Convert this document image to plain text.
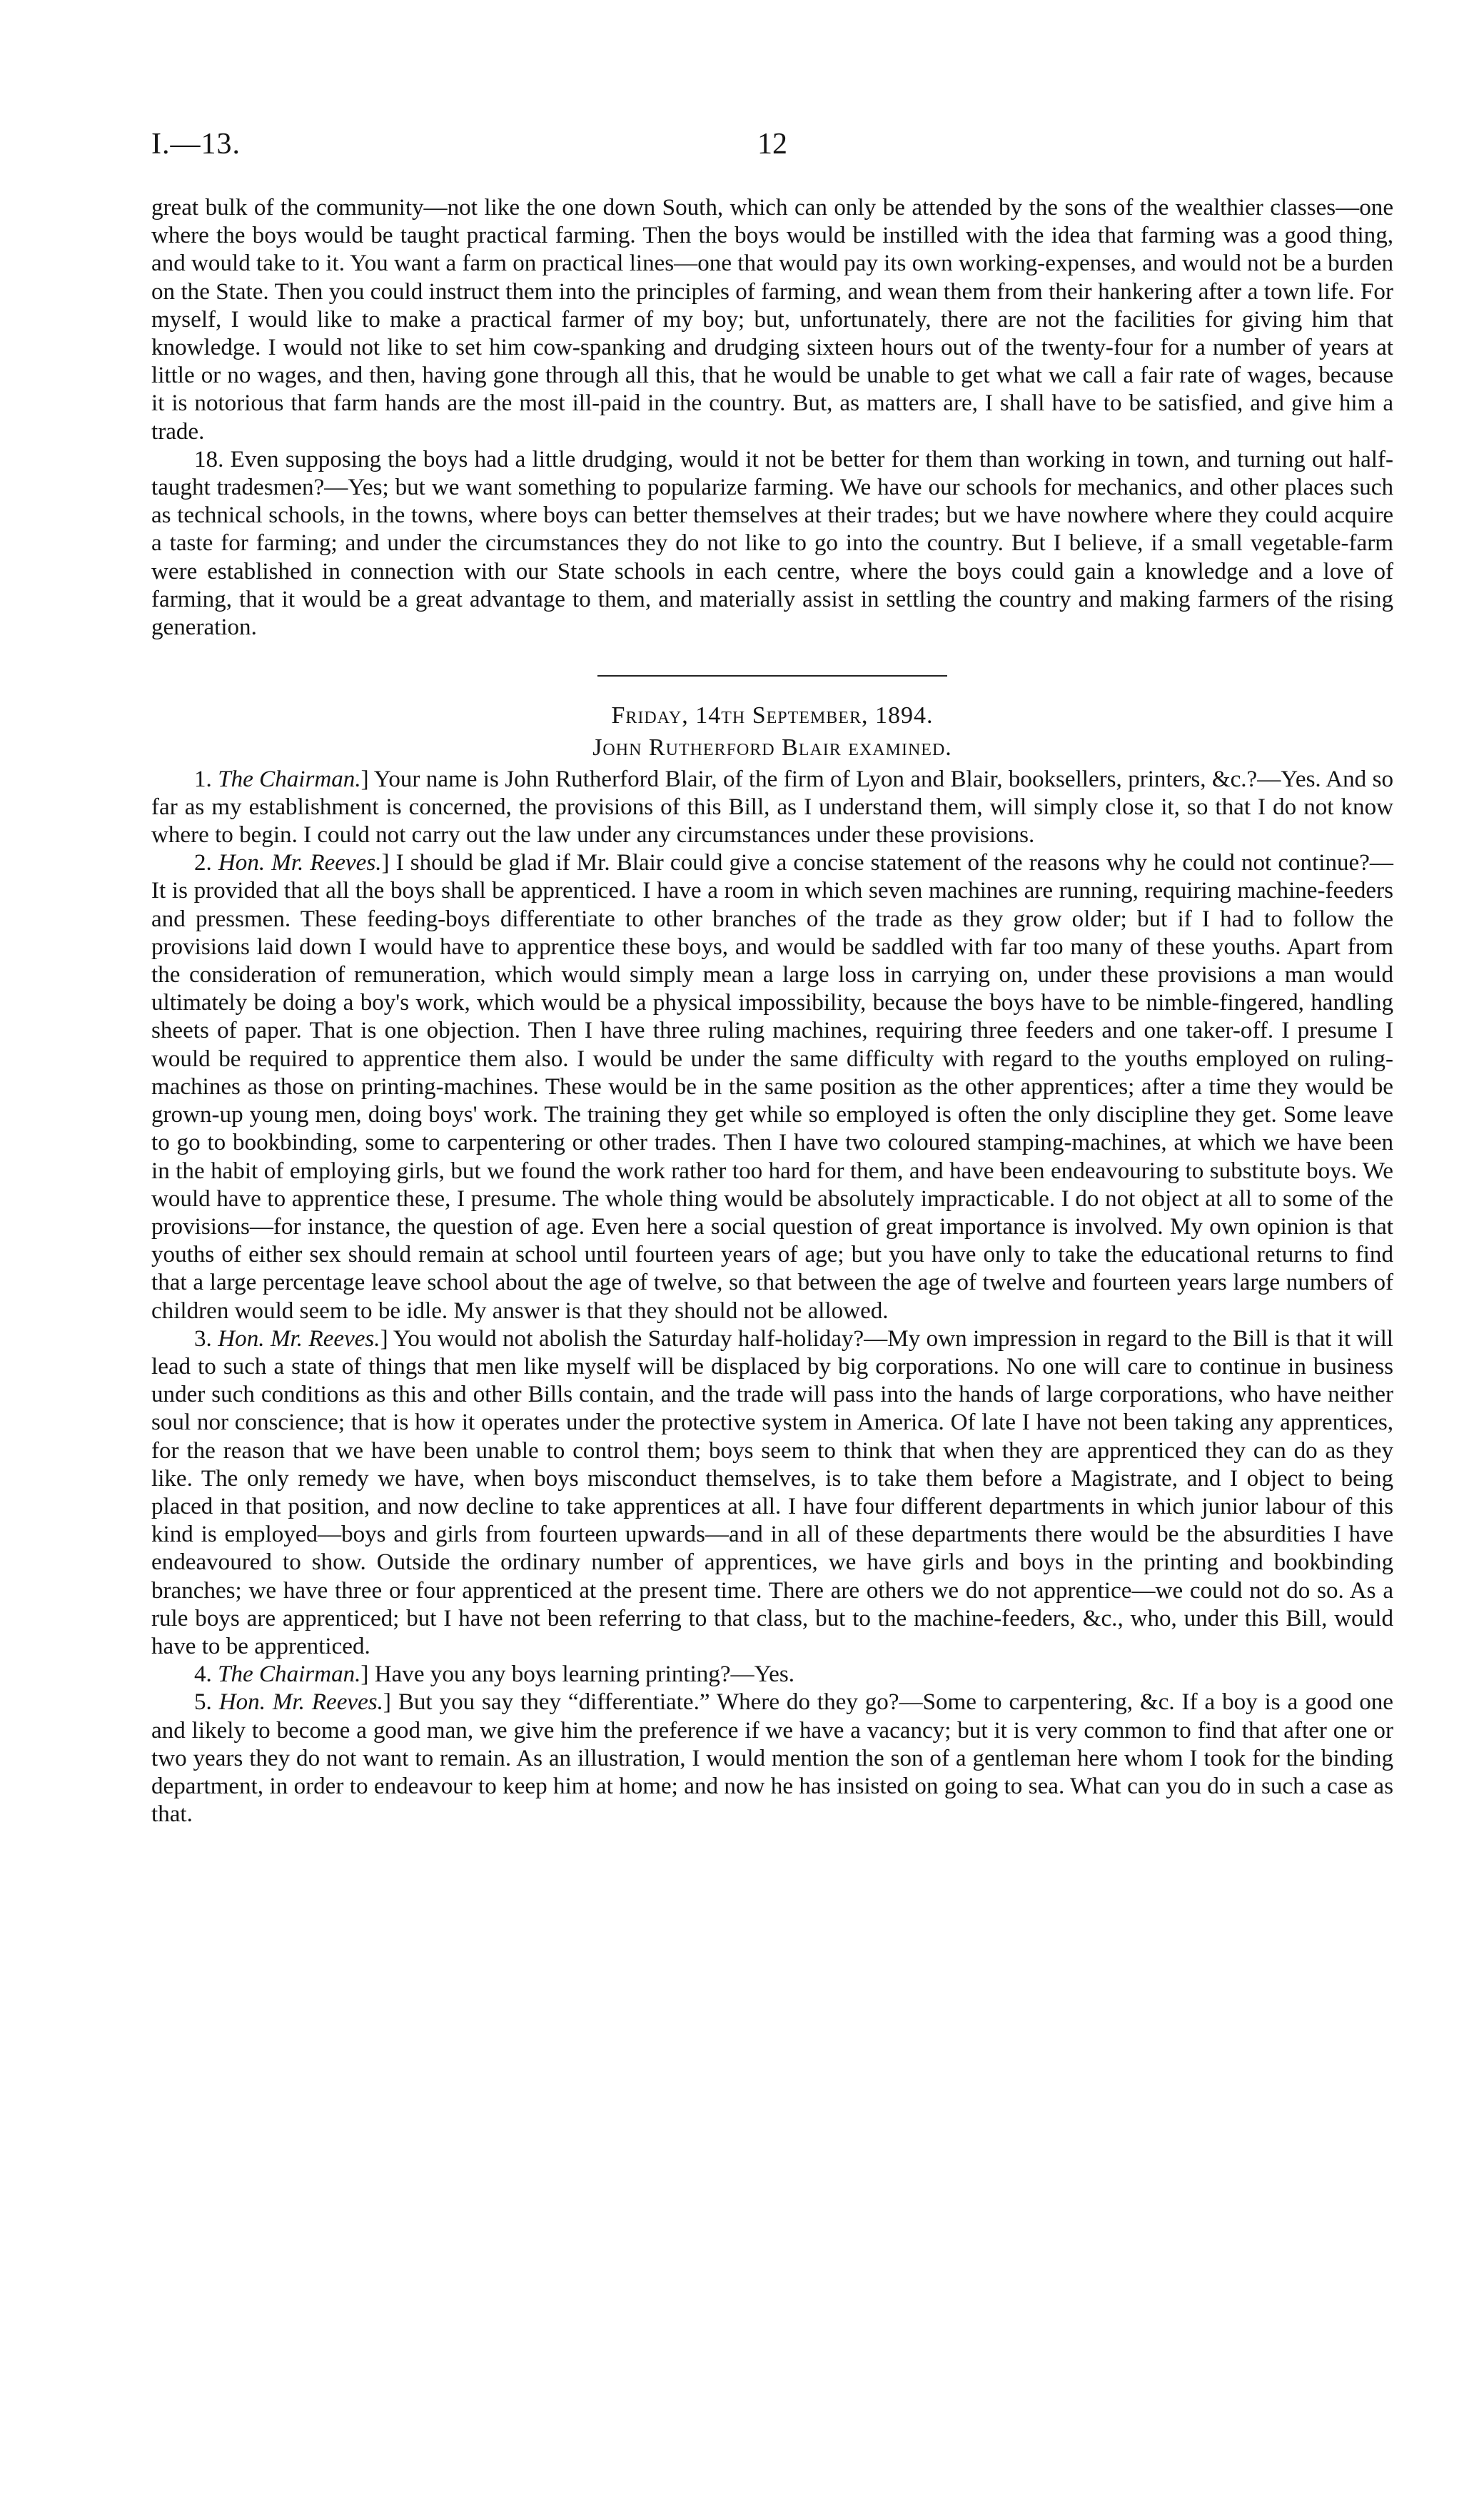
I.—13.	12

great bulk of the community—not like the one down South, which can only be attended by the sons of the wealthier classes—one where the boys would be taught practical farming. Then the boys would be instilled with the idea that farming was a good thing, and would take to it. You want a farm on practical lines—one that would pay its own working-expenses, and would not be a burden on the State. Then you could instruct them into the principles of farming, and wean them from their hankering after a town life. For myself, I would like to make a practical farmer of my boy; but, unfortunately, there are not the facilities for giving him that knowledge. I would not like to set him cow-spanking and drudging sixteen hours out of the twenty-four for a number of years at little or no wages, and then, having gone through all this, that he would be unable to get what we call a fair rate of wages, because it is notorious that farm hands are the most ill-paid in the country. But, as matters are, I shall have to be satisfied, and give him a trade.

18. Even supposing the boys had a little drudging, would it not be better for them than working in town, and turning out half-taught tradesmen?—Yes; but we want something to popularize farming. We have our schools for mechanics, and other places such as technical schools, in the towns, where boys can better themselves at their trades; but we have nowhere where they could acquire a taste for farming; and under the circumstances they do not like to go into the country. But I believe, if a small vegetable-farm were established in connection with our State schools in each centre, where the boys could gain a knowledge and a love of farming, that it would be a great advantage to them, and materially assist in settling the country and making farmers of the rising generation.

Friday, 14th September, 1894.
John Rutherford Blair examined.

1. The Chairman.] Your name is John Rutherford Blair, of the firm of Lyon and Blair, booksellers, printers, &c.?—Yes. And so far as my establishment is concerned, the provisions of this Bill, as I understand them, will simply close it, so that I do not know where to begin. I could not carry out the law under any circumstances under these provisions.

2. Hon. Mr. Reeves.] I should be glad if Mr. Blair could give a concise statement of the reasons why he could not continue?—It is provided that all the boys shall be apprenticed. I have a room in which seven machines are running, requiring machine-feeders and pressmen. These feeding-boys differentiate to other branches of the trade as they grow older; but if I had to follow the provisions laid down I would have to apprentice these boys, and would be saddled with far too many of these youths. Apart from the consideration of remuneration, which would simply mean a large loss in carrying on, under these provisions a man would ultimately be doing a boy's work, which would be a physical impossibility, because the boys have to be nimble-fingered, handling sheets of paper. That is one objection. Then I have three ruling machines, requiring three feeders and one taker-off. I presume I would be required to apprentice them also. I would be under the same difficulty with regard to the youths employed on ruling-machines as those on printing-machines. These would be in the same position as the other apprentices; after a time they would be grown-up young men, doing boys' work. The training they get while so employed is often the only discipline they get. Some leave to go to bookbinding, some to carpentering or other trades. Then I have two coloured stamping-machines, at which we have been in the habit of employing girls, but we found the work rather too hard for them, and have been endeavouring to substitute boys. We would have to apprentice these, I presume. The whole thing would be absolutely impracticable. I do not object at all to some of the provisions—for instance, the question of age. Even here a social question of great importance is involved. My own opinion is that youths of either sex should remain at school until fourteen years of age; but you have only to take the educational returns to find that a large percentage leave school about the age of twelve, so that between the age of twelve and fourteen years large numbers of children would seem to be idle. My answer is that they should not be allowed.

3. Hon. Mr. Reeves.] You would not abolish the Saturday half-holiday?—My own impression in regard to the Bill is that it will lead to such a state of things that men like myself will be displaced by big corporations. No one will care to continue in business under such conditions as this and other Bills contain, and the trade will pass into the hands of large corporations, who have neither soul nor conscience; that is how it operates under the protective system in America. Of late I have not been taking any apprentices, for the reason that we have been unable to control them; boys seem to think that when they are apprenticed they can do as they like. The only remedy we have, when boys misconduct themselves, is to take them before a Magistrate, and I object to being placed in that position, and now decline to take apprentices at all. I have four different departments in which junior labour of this kind is employed—boys and girls from fourteen upwards—and in all of these departments there would be the absurdities I have endeavoured to show. Outside the ordinary number of apprentices, we have girls and boys in the printing and bookbinding branches; we have three or four apprenticed at the present time. There are others we do not apprentice—we could not do so. As a rule boys are apprenticed; but I have not been referring to that class, but to the machine-feeders, &c., who, under this Bill, would have to be apprenticed.

4. The Chairman.] Have you any boys learning printing?—Yes.

5. Hon. Mr. Reeves.] But you say they “differentiate.” Where do they go?—Some to carpentering, &c. If a boy is a good one and likely to become a good man, we give him the preference if we have a vacancy; but it is very common to find that after one or two years they do not want to remain. As an illustration, I would mention the son of a gentleman here whom I took for the binding department, in order to endeavour to keep him at home; and now he has insisted on going to sea. What can you do in such a case as that.
